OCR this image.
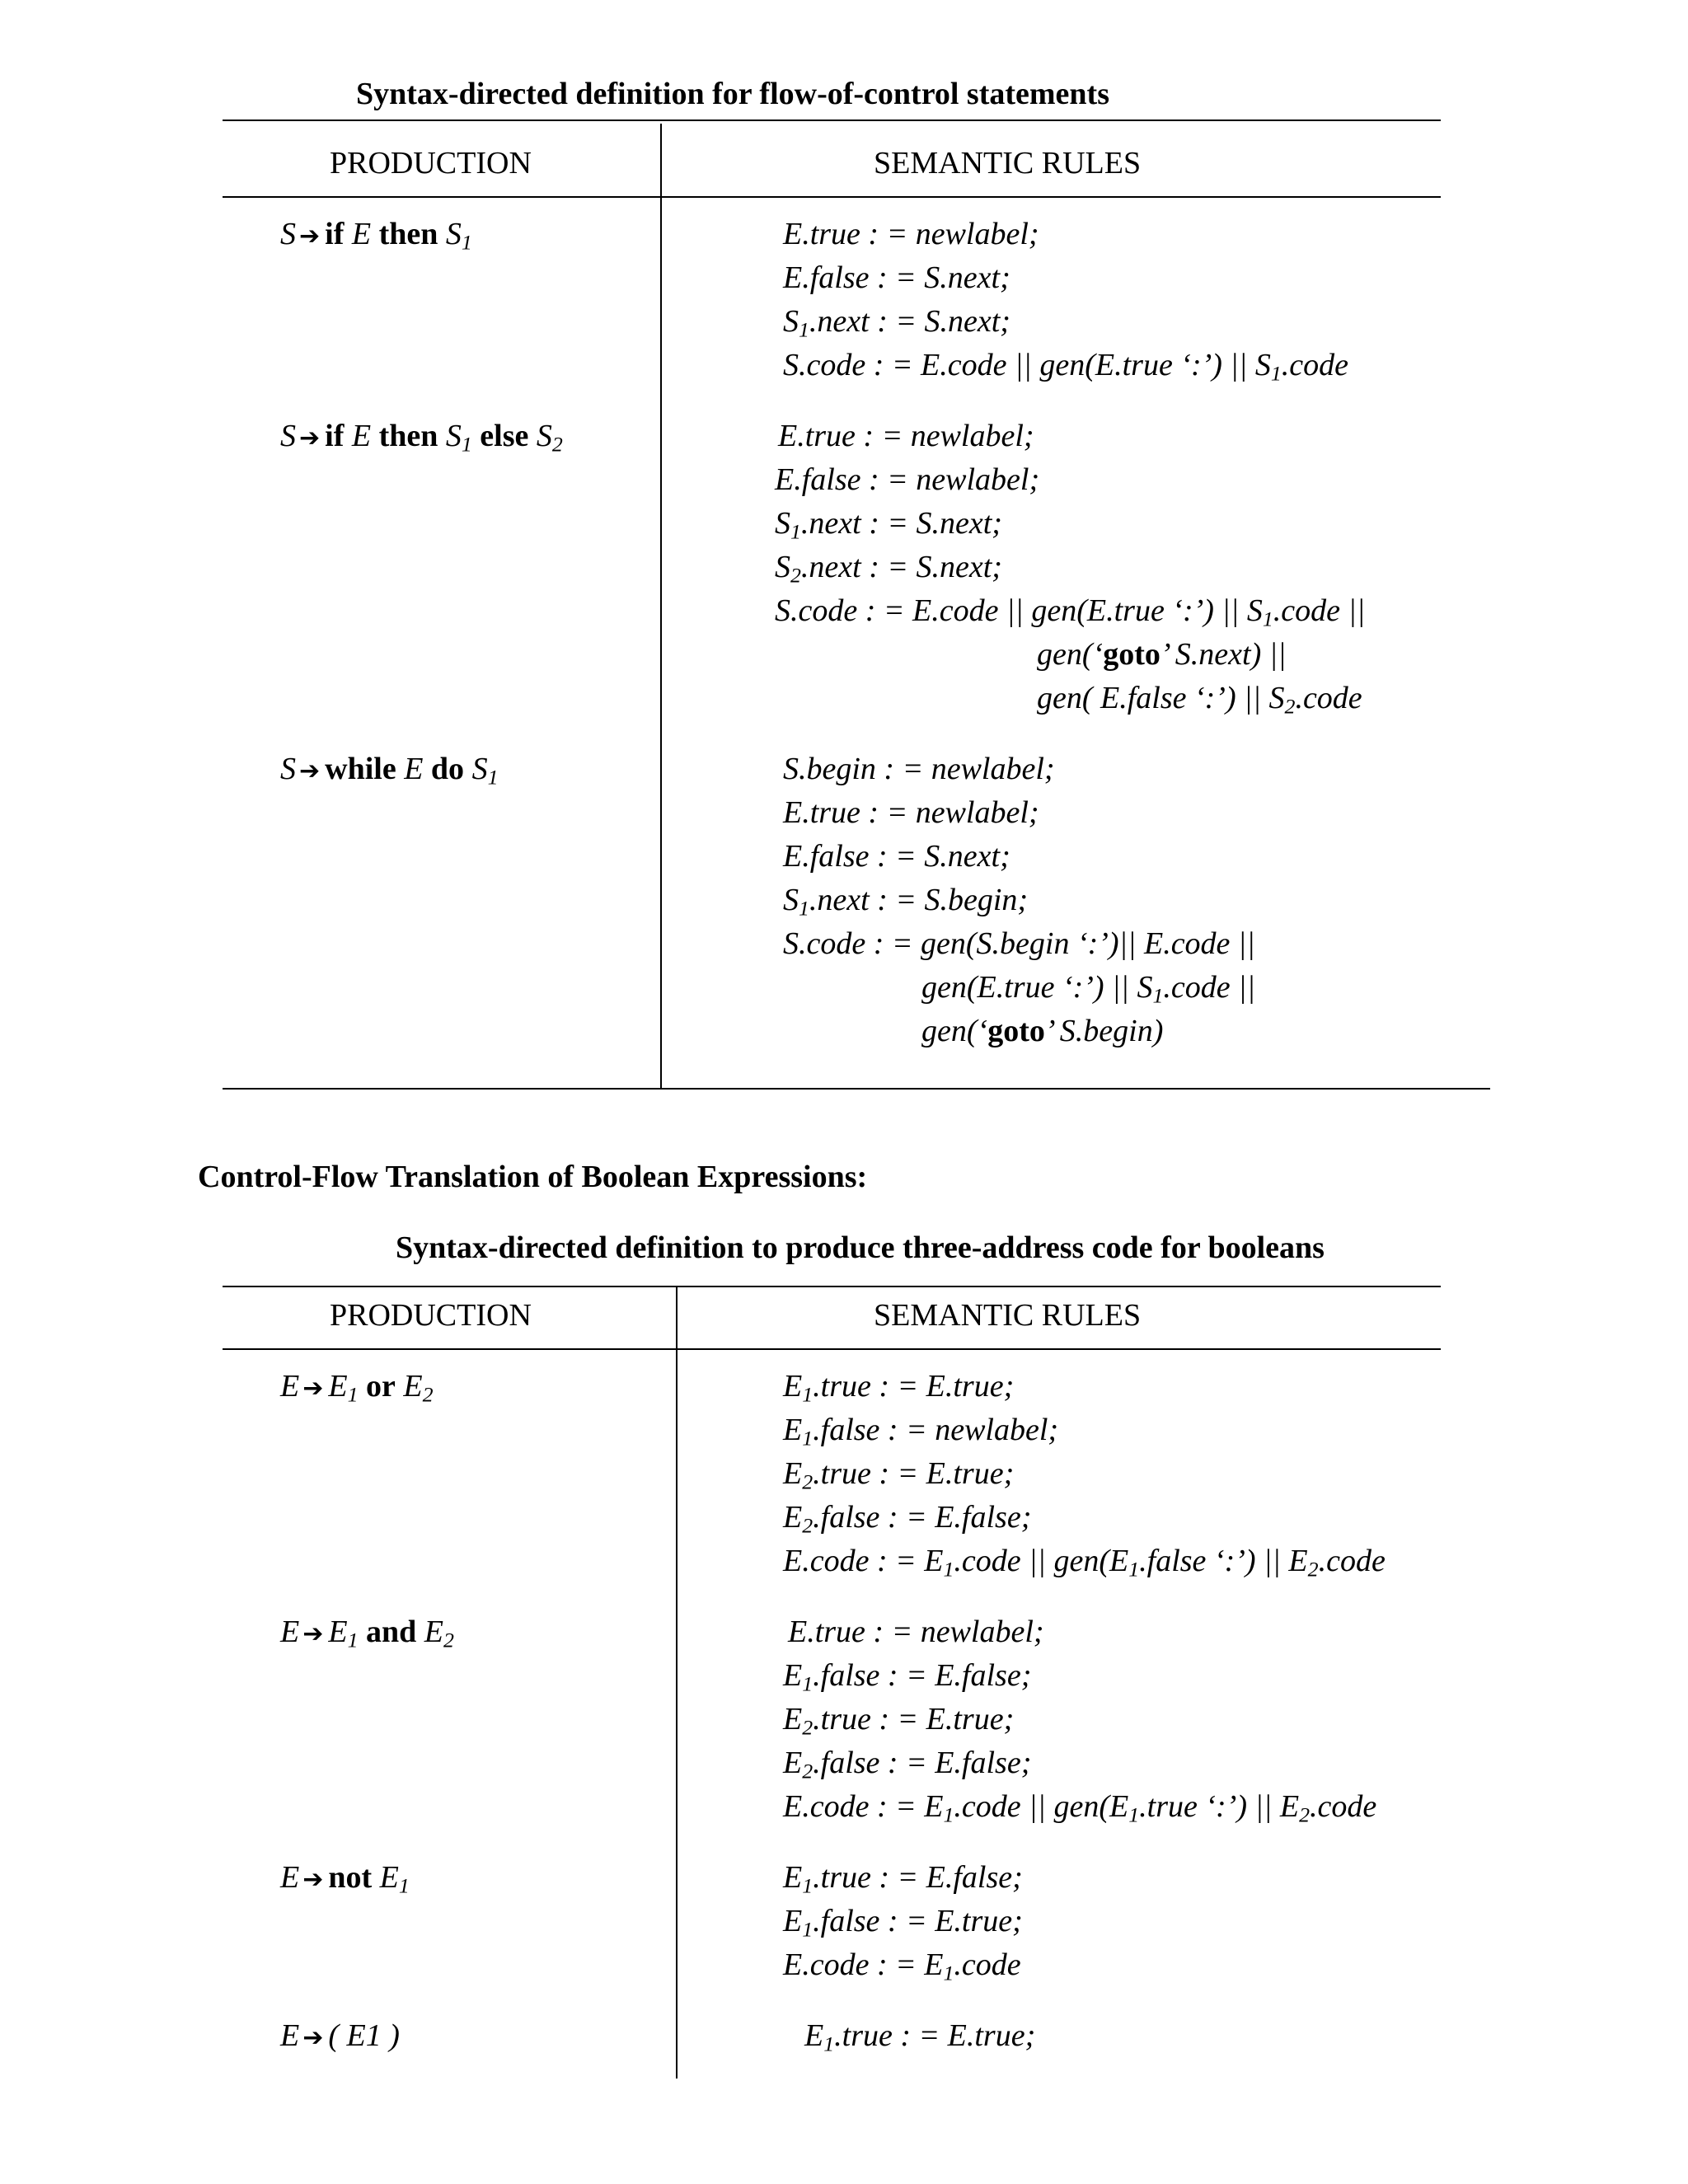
Syntax-directed definition for flow-of-control statements
PRODUCTION	SEMANTIC RULES
S ➔ if E then $S_1$	E.true : = newlabel;
E.false : = S.next;
$S_1.next$ : = S.next;
S.code : = E.code || gen(E.true ‘:’) || $S_1.code$
S ➔ if E then $S_1$ else $S_2$	E.true : = newlabel;
E.false : = newlabel;
$S_1.next$ : = S.next;
$S_2.next$ : = S.next;
S.code : = E.code || gen(E.true ‘:’) || $S_1.code$ ||
gen(‘goto’ S.next) ||
gen( E.false ‘:’) || $S_2.code$
S ➔ while E do $S_1$	S.begin : = newlabel;
E.true : = newlabel;
E.false : = S.next;
$S_1.next$ : = S.begin;
S.code : = gen(S.begin ‘:’)|| E.code ||
gen(E.true ‘:’) || $S_1.code$ ||
gen(‘goto’ S.begin)
Control-Flow Translation of Boolean Expressions:
Syntax-directed definition to produce three-address code for booleans
PRODUCTION	SEMANTIC RULES
E ➔ $E_1$ or $E_2$	$E_1.true$ : = E.true;
$E_1.false$ : = newlabel;
$E_2.true$ : = E.true;
$E_2.false$ : = E.false;
E.code : = $E_1.code$ || $gen(E_1.false$ ‘:’) || $E_2.code$
E ➔ $E_1$ and $E_2$	E.true : = newlabel;
$E_1.false$ : = E.false;
$E_2.true$ : = E.true;
$E_2.false$ : = E.false;
E.code : = $E_1.code$ || $gen(E_1.true$ ‘:’) || $E_2.code$
E ➔ not $E_1$	$E_1.true$ : = E.false;
$E_1.false$ : = E.true;
E.code : = $E_1.code$
E ➔ ( E1 )	$E_1.true$ : = E.true;
